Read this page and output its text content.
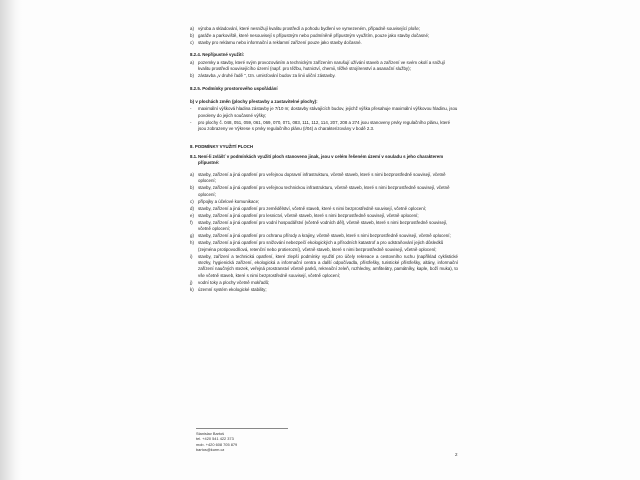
a) výroba a skladování, které nesnižují kvalitu prostředí a pohodu bydlení ve vymezeném, případně související ploše;
b) garáže a parkoviště, které nesouvisejí s přípustným nebo podmíněně přípustným využitím, pouze jako stavby dočasné;
c) stavby pro reklamu nebo informační a reklamní zařízení pouze jako stavby dočasné.
8.2.4. Nepřípustné využití:
a) pozemky a stavby, které svým provozováním a technickým zařízením narušují užívání staveb a zařízení ve svém okolí a snižují kvalitu prostředí souvisejícího území (např. pro těžbu, hutnictví, chemii, těžké strojírenství a asanační služby);
b) zástavba „v druhé řadě ", tzn. umisťování budov za linii uliční zástavby.
8.2.5. Podmínky prostorového uspořádání
b) v plochách změn (plochy přestavby a zastavitelné plochy):
-	maximální výšková hladina zástavby je 7/10 m; dostavby stávajících budov, jejichž výška přesahuje maximální výškovou hladinu, jsou povoleny do jejich současné výšky;
-	pro plochy č. 048, 051, 059, 061, 069, 070, 071, 083, 111, 112, 114, 207, 208 a 274 jsou stanoveny prvky regulačního plánu, které jsou zobrazeny ve Výkrese s prvky regulačního plánu (I/04) a charakterizovány v bodě 2.3.
8. PODMÍNKY VYUŽITÍ PLOCH
8.1. Není-li zvlášť v podmínkách využití ploch stanoveno jinak, jsou v celém řešeném území v souladu s jeho charakterem přípustné:
a) stavby, zařízení a jiná opatření pro veřejnou dopravní infrastrukturu, včetně staveb, které s nimi bezprostředně souvisejí, včetně oplocení;
b) stavby, zařízení a jiná opatření pro veřejnou technickou infrastrukturu, včetně staveb, které s nimi bezprostředně souvisejí, včetně oplocení;
c) přípojky a účelové komunikace;
d) stavby, zařízení a jiná opatření pro zemědělství, včetně staveb, které s nimi bezprostředně souvisejí, včetně oplocení;
e) stavby, zařízení a jiná opatření pro lesnictví, včetně staveb, které s nimi bezprostředně souvisejí, včetně oplocení;
f)	stavby, zařízení a jiná opatření pro vodní hospodářství (včetně vodních děl), včetně staveb, které s nimi bezprostředně souvisejí, včetně oplocení;
g) stavby, zařízení a jiná opatření pro ochranu přírody a krajiny, včetně staveb, které s nimi bezprostředně souvisejí, včetně oplocení;
h) stavby, zařízení a jiná opatření pro snižování nebezpečí ekologických a přírodních katastrof a pro odstraňování jejich důsledků (zejména protipovodňová, retenční nebo protierozní), včetně staveb, které s nimi bezprostředně souvisejí, včetně oplocení;
i)	stavby, zařízení a technická opatření, které zlepší podmínky využití pro účely rekreace a cestovního ruchu (například cyklistické stezky, hygienická zařízení, ekologická a informační centra a další odpočívadla, přístřešky, turistické přístřešky, altány, informační zařízení naučných stezek, veřejná prostranství včetně parků, rekreační zeleň, rozhledny, amfiteátry, památníky, kaple, boží muka), to vše včetně staveb, které s nimi bezprostředně souvisejí, včetně oplocení;
j)	vodní toky a plochy včetně mokřadů;
k) územní systém ekologické stability;
Stanislav Bartoš
tel. +420 541 422 373
mob. +420 608 705 879
bartos@kurm.cz
2
